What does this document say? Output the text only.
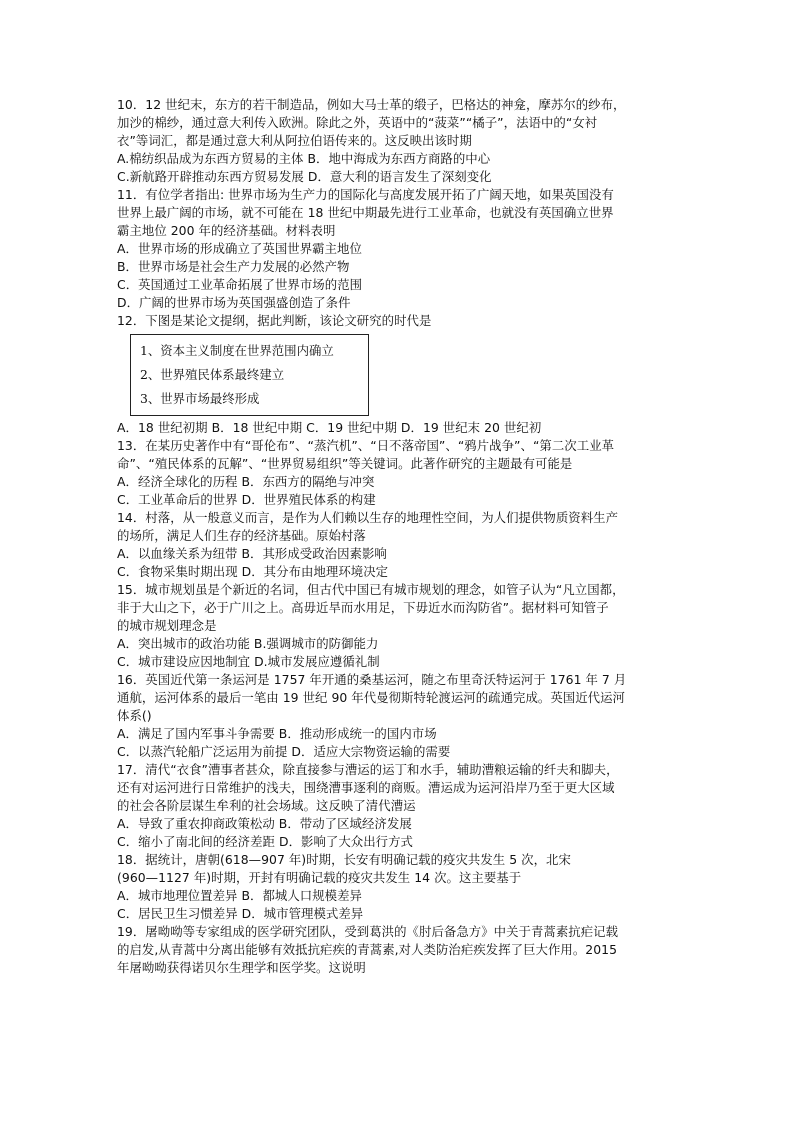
10．12 世纪末，东方的若干制造品，例如大马士革的缎子，巴格达的神龛，摩苏尔的纱布，
加沙的棉纱，通过意大利传入欧洲。除此之外，英语中的“菠菜”“橘子”，法语中的“女衬
衣”等词汇，都是通过意大利从阿拉伯语传来的。这反映出该时期
A.棉纺织品成为东西方贸易的主体 B．地中海成为东西方商路的中心
C.新航路开辟推动东西方贸易发展 D．意大利的语言发生了深刻变化
11．有位学者指出: 世界市场为生产力的国际化与高度发展开拓了广阔天地，如果英国没有
世界上最广阔的市场，就不可能在 18 世纪中期最先进行工业革命，也就没有英国确立世界
霸主地位 200 年的经济基础。材料表明
A．世界市场的形成确立了英国世界霸主地位
B．世界市场是社会生产力发展的必然产物
C．英国通过工业革命拓展了世界市场的范围
D．广阔的世界市场为英国强盛创造了条件
12．下图是某论文提纲，据此判断，该论文研究的时代是
1、资本主义制度在世界范围内确立
2、世界殖民体系最终建立
3、世界市场最终形成
A．18 世纪初期 B．18 世纪中期 C．19 世纪中期 D．19 世纪末 20 世纪初
13．在某历史著作中有“哥伦布”、“蒸汽机”、“日不落帝国”、“鸦片战争”、“第二次工业革
命”、“殖民体系的瓦解”、“世界贸易组织”等关键词。此著作研究的主题最有可能是
A．经济全球化的历程 B．东西方的隔绝与冲突
C．工业革命后的世界 D．世界殖民体系的构建
14．村落，从一般意义而言，是作为人们赖以生存的地理性空间，为人们提供物质资料生产
的场所，满足人们生存的经济基础。原始村落
A．以血缘关系为纽带 B．其形成受政治因素影响
C．食物采集时期出现 D．其分布由地理环境决定
15．城市规划虽是个新近的名词，但古代中国已有城市规划的理念，如管子认为“凡立国都，
非于大山之下，必于广川之上。高毋近旱而水用足，下毋近水而沟防省”。据材料可知管子
的城市规划理念是
A．突出城市的政治功能 B.强调城市的防御能力
C．城市建设应因地制宜 D.城市发展应遵循礼制
16．英国近代第一条运河是 1757 年开通的桑基运河，随之布里奇沃特运河于 1761 年 7 月
通航，运河体系的最后一笔由 19 世纪 90 年代曼彻斯特轮渡运河的疏通完成。英国近代运河
体系()
A．满足了国内军事斗争需要 B．推动形成统一的国内市场
C．以蒸汽轮船广泛运用为前提 D．适应大宗物资运输的需要
17．清代“衣食”漕事者甚众，除直接参与漕运的运丁和水手，辅助漕粮运输的纤夫和脚夫，
还有对运河进行日常维护的浅夫，围绕漕事逐利的商贩。漕运成为运河沿岸乃至于更大区域
的社会各阶层谋生牟利的社会场域。这反映了清代漕运
A．导致了重农抑商政策松动 B．带动了区域经济发展
C．缩小了南北间的经济差距 D．影响了大众出行方式
18．据统计，唐朝(618—907 年)时期，长安有明确记载的疫灾共发生 5 次，北宋
(960—1127 年)时期，开封有明确记载的疫灾共发生 14 次。这主要基于
A．城市地理位置差异 B．都城人口规模差异
C．居民卫生习惯差异 D．城市管理模式差异
19．屠呦呦等专家组成的医学研究团队，受到葛洪的《肘后备急方》中关于青蒿素抗疟记载
的启发,从青蒿中分离出能够有效抵抗疟疾的青蒿素,对人类防治疟疾发挥了巨大作用。2015
年屠呦呦获得诺贝尔生理学和医学奖。这说明
